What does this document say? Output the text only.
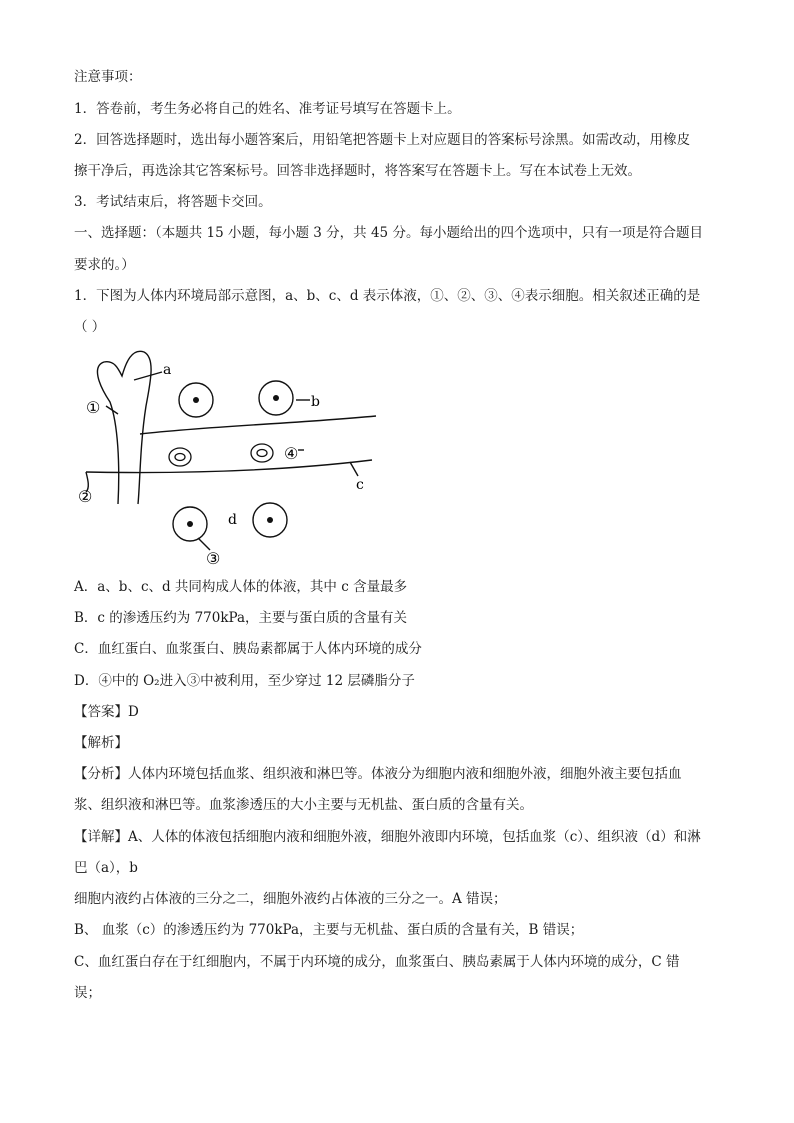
注意事项：
1．答卷前，考生务必将自己的姓名、准考证号填写在答题卡上。
2．回答选择题时，选出每小题答案后，用铅笔把答题卡上对应题目的答案标号涂黑。如需改动，用橡皮
擦干净后，再选涂其它答案标号。回答非选择题时，将答案写在答题卡上。写在本试卷上无效。
3．考试结束后，将答题卡交回。
一、选择题：（本题共 15 小题，每小题 3 分，共 45 分。每小题给出的四个选项中，只有一项是符合题目
要求的。）
1．下图为人体内环境局部示意图，a、b、c、d 表示体液，①、②、③、④表示细胞。相关叙述正确的是
（ ）
a
b
c
d
①
②
③
④
A．a、b、c、d 共同构成人体的体液，其中 c 含量最多
B．c 的渗透压约为 770kPa，主要与蛋白质的含量有关
C．血红蛋白、血浆蛋白、胰岛素都属于人体内环境的成分
D．④中的 O₂进入③中被利用，至少穿过 12 层磷脂分子
【答案】D
【解析】
【分析】人体内环境包括血浆、组织液和淋巴等。体液分为细胞内液和细胞外液，细胞外液主要包括血
浆、组织液和淋巴等。血浆渗透压的大小主要与无机盐、蛋白质的含量有关。
【详解】A、人体的体液包括细胞内液和细胞外液，细胞外液即内环境，包括血浆（c）、组织液（d）和淋
巴（a），b
细胞内液约占体液的三分之二，细胞外液约占体液的三分之一。A 错误；
B、 血浆（c）的渗透压约为 770kPa，主要与无机盐、蛋白质的含量有关，B 错误；
C、血红蛋白存在于红细胞内，不属于内环境的成分，血浆蛋白、胰岛素属于人体内环境的成分，C 错
误；
